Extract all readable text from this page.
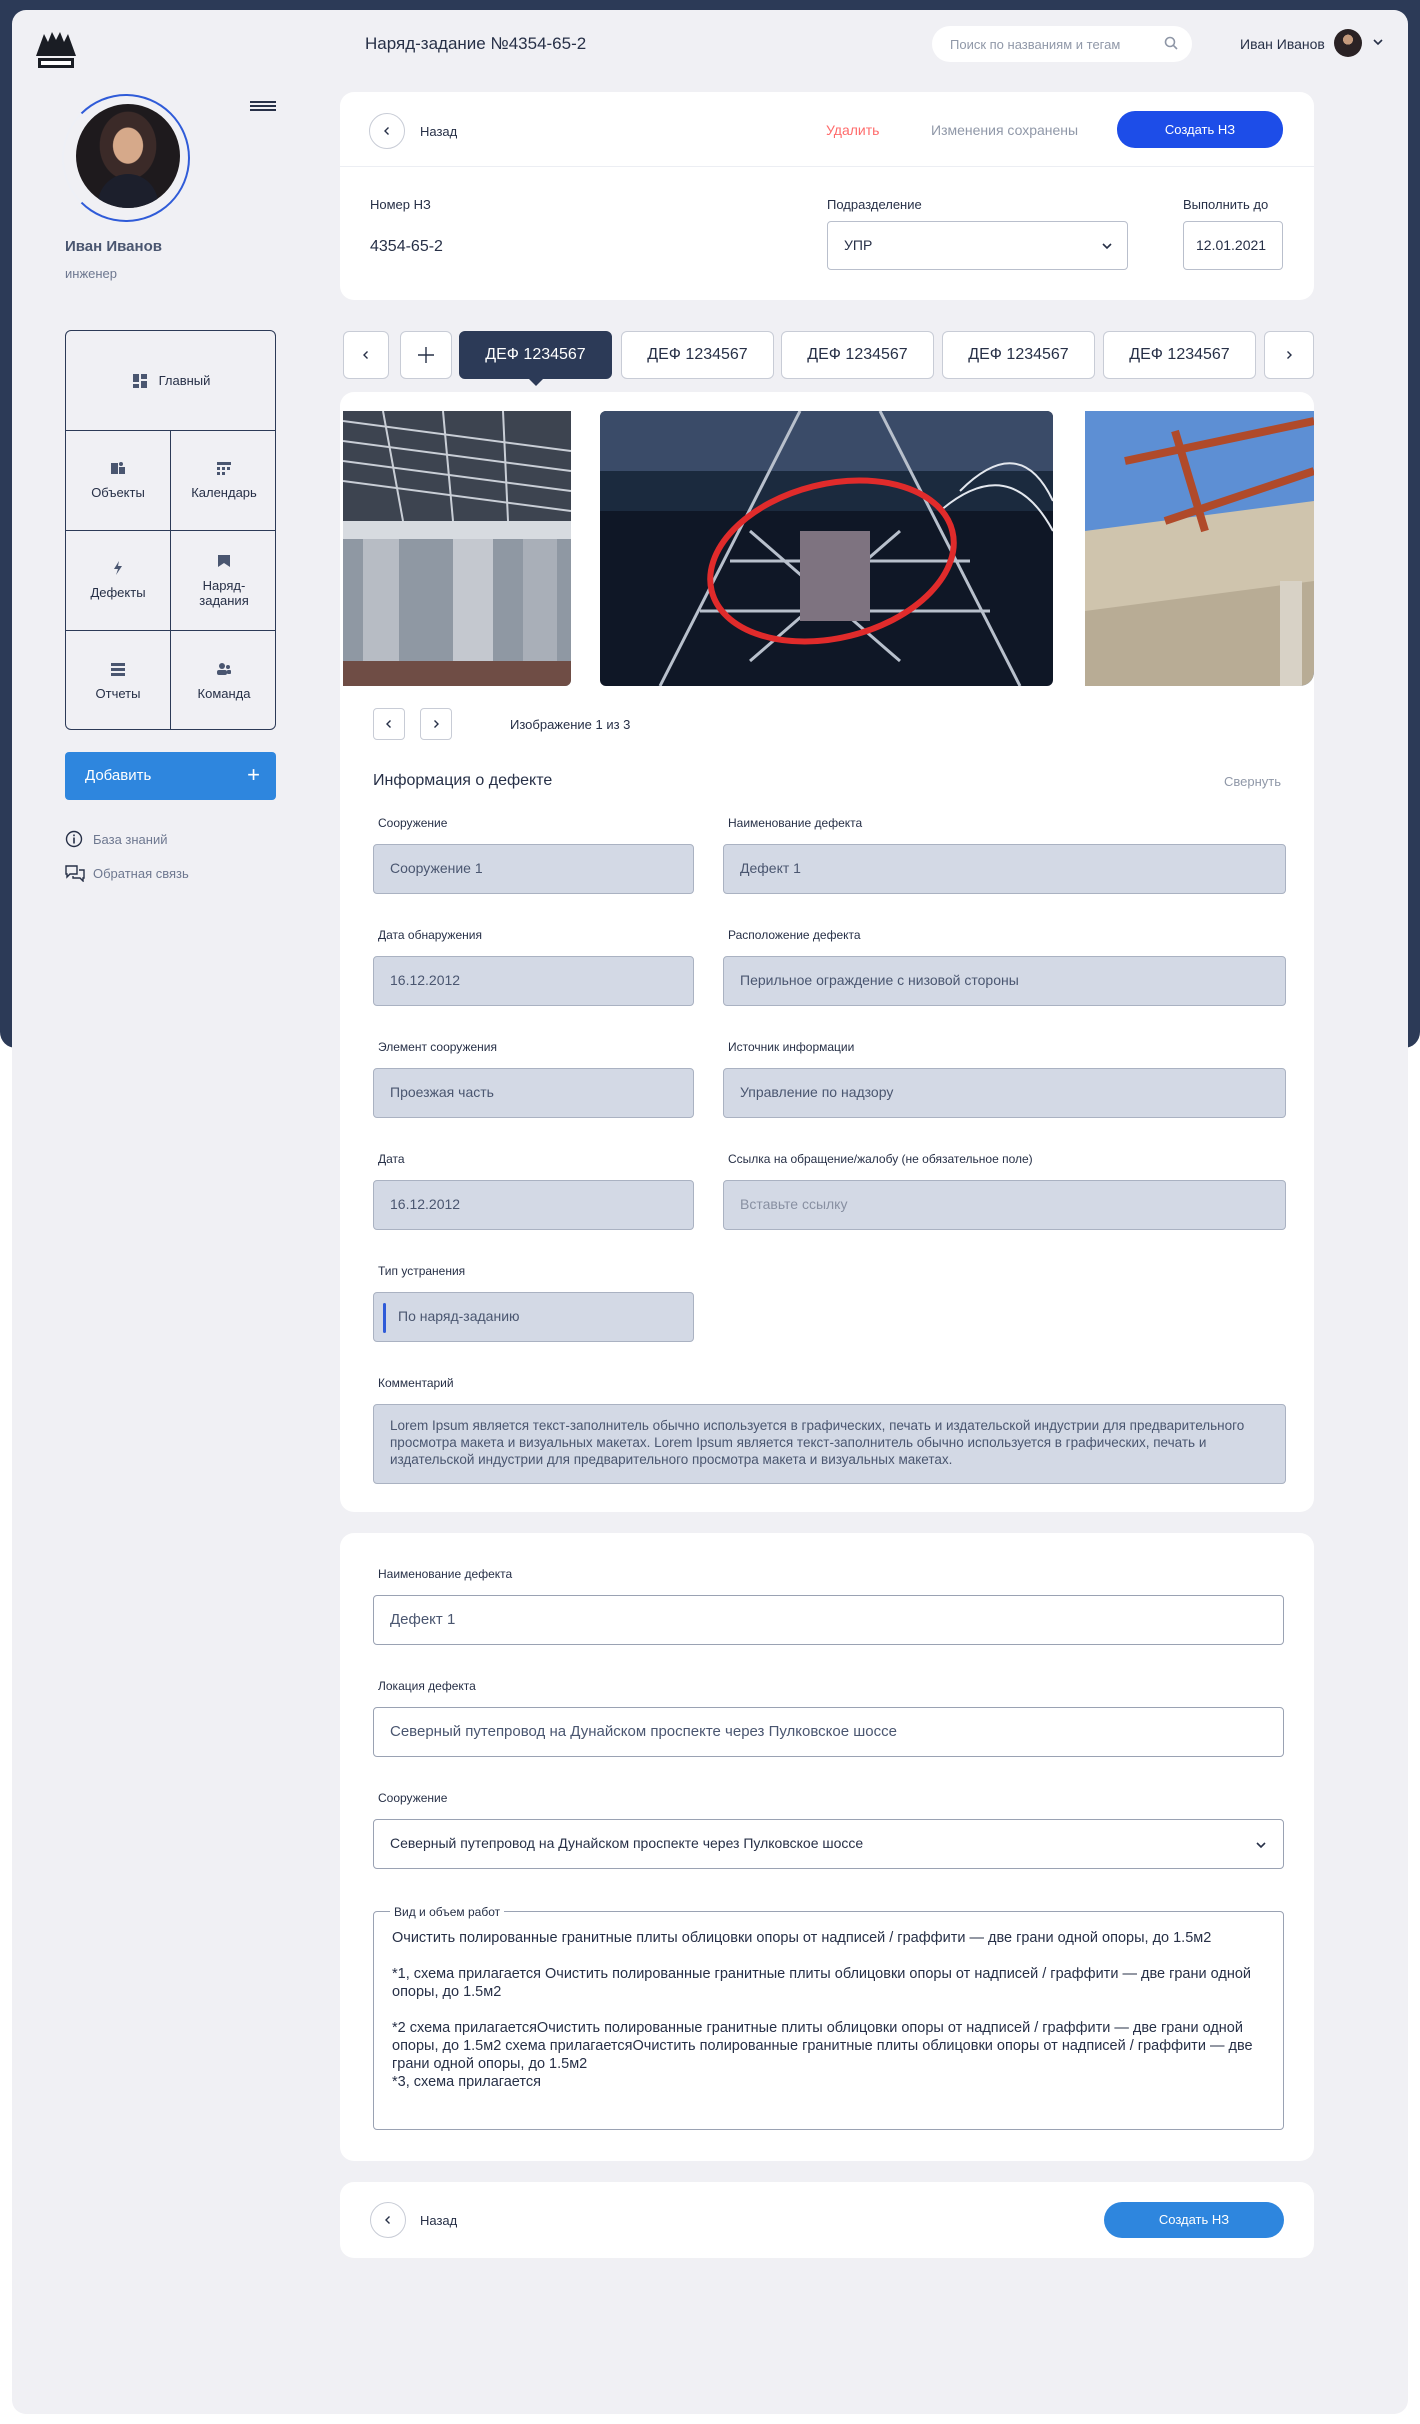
Наряд-задание №4354-65-2	Поиск по названиям и тегам	Иван Иванов
Иван Иванов
инженер
Главный
Объекты	Календарь
Дефекты	Наряд-задания
Отчеты	Команда
Добавить	+
База знаний
Обратная связь
Назад	Удалить	Изменения сохранены	Создать НЗ
Номер НЗ
4354-65-2
Подразделение
УПР
Выполнить до
12.01.2021
ДЕФ 1234567	ДЕФ 1234567	ДЕФ 1234567	ДЕФ 1234567	ДЕФ 1234567
Изображение 1 из 3
Информация о дефекте	Свернуть
Сооружение
Сооружение 1
Наименование дефекта
Дефект 1
Дата обнаружения
16.12.2012
Расположение дефекта
Перильное ограждение с низовой стороны
Элемент сооружения
Проезжая часть
Источник информации
Управление по надзору
Дата
16.12.2012
Ссылка на обращение/жалобу (не обязательное поле)
Вставьте ссылку
Тип устранения
По наряд-заданию
Комментарий
Lorem Ipsum является текст-заполнитель обычно используется в графических, печать и издательской индустрии для предварительного просмотра макета и визуальных макетах. Lorem Ipsum является текст-заполнитель обычно используется в графических, печать и издательской индустрии для предварительного просмотра макета и визуальных макетах.
Наименование дефекта
Дефект 1
Локация дефекта
Северный путепровод на Дунайском проспекте через Пулковское шоссе
Сооружение
Северный путепровод на Дунайском проспекте через Пулковское шоссе
Вид и объем работ
Очистить полированные гранитные плиты облицовки опоры от надписей / граффити — две грани одной опоры, до 1.5м2
*1, схема прилагается Очистить полированные гранитные плиты облицовки опоры от надписей / граффити — две грани одной опоры, до 1.5м2
*2 схема прилагаетсяОчистить полированные гранитные плиты облицовки опоры от надписей / граффити — две грани одной опоры, до 1.5м2 схема прилагаетсяОчистить полированные гранитные плиты облицовки опоры от надписей / граффити — две грани одной опоры, до 1.5м2
*3, схема прилагается
Назад	Создать НЗ
